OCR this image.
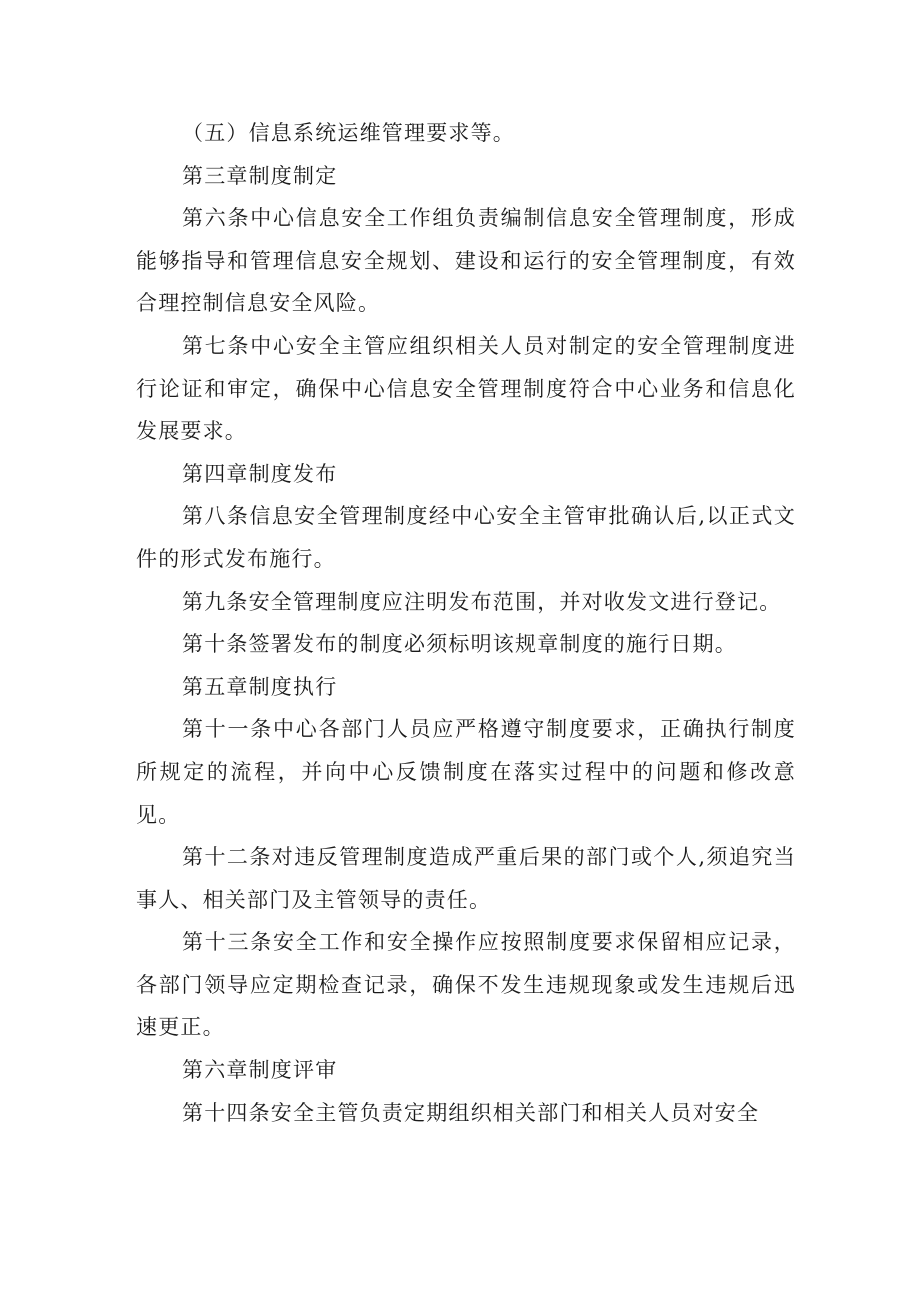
（五）信息系统运维管理要求等。

第三章制度制定

第六条中心信息安全工作组负责编制信息安全管理制度，形成能够指导和管理信息安全规划、建设和运行的安全管理制度，有效合理控制信息安全风险。

第七条中心安全主管应组织相关人员对制定的安全管理制度进行论证和审定，确保中心信息安全管理制度符合中心业务和信息化发展要求。

第四章制度发布

第八条信息安全管理制度经中心安全主管审批确认后,以正式文件的形式发布施行。

第九条安全管理制度应注明发布范围，并对收发文进行登记。

第十条签署发布的制度必须标明该规章制度的施行日期。

第五章制度执行

第十一条中心各部门人员应严格遵守制度要求，正确执行制度所规定的流程，并向中心反馈制度在落实过程中的问题和修改意见。

第十二条对违反管理制度造成严重后果的部门或个人,须追究当事人、相关部门及主管领导的责任。

第十三条安全工作和安全操作应按照制度要求保留相应记录，各部门领导应定期检查记录，确保不发生违规现象或发生违规后迅速更正。

第六章制度评审

第十四条安全主管负责定期组织相关部门和相关人员对安全
